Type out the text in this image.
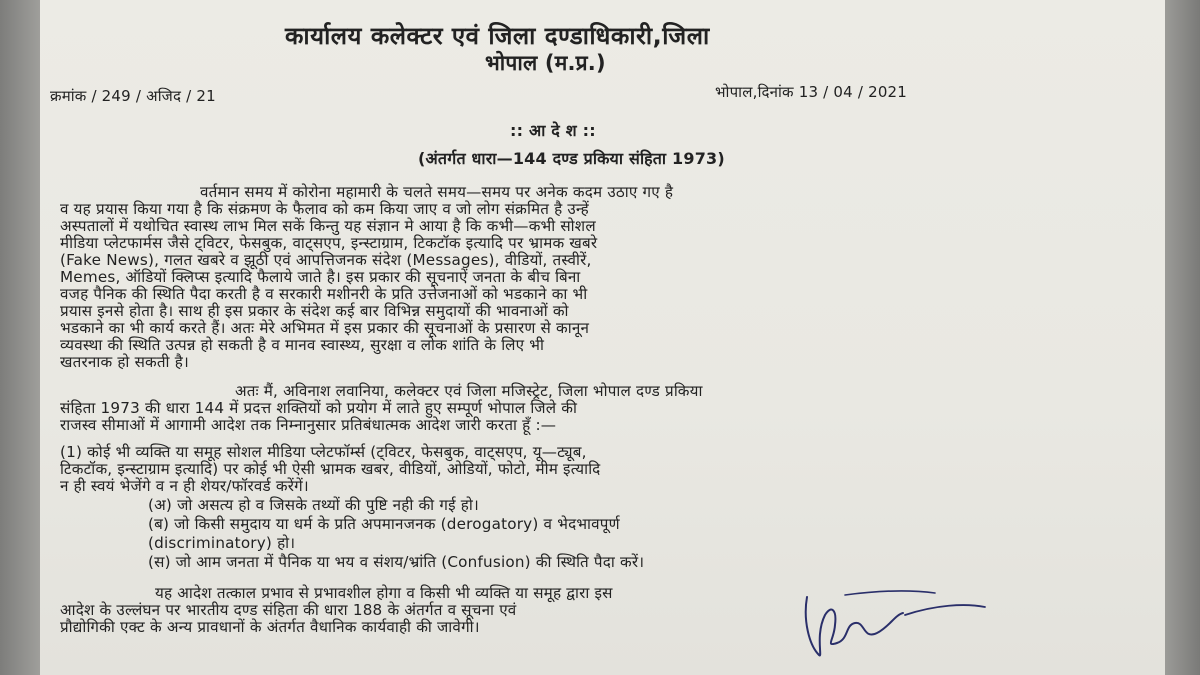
कार्यालय कलेक्टर एवं जिला दण्डाधिकारी,जिला
भोपाल (म.प्र.)
क्रमांक / 249 / अजिद / 21	भोपाल,दिनांक 13 / 04 / 2021
:: आ दे श ::
(अंतर्गत धारा—144 दण्ड प्रकिया संहिता 1973)
वर्तमान समय में कोरोना महामारी के चलते समय—समय पर अनेक कदम उठाए गए है
व यह प्रयास किया गया है कि संक्रमण के फैलाव को कम किया जाए व जो लोग संक्रमित है उन्हें
अस्पतालों में यथोचित स्वास्थ लाभ मिल सकें किन्तु यह संज्ञान मे आया है कि कभी—कभी सोशल
मीडिया प्लेटफार्मस जैसे ट्विटर, फेसबुक, वाट्सएप, इन्स्टाग्राम, टिकटॉक इत्यादि पर भ्रामक खबरे
(Fake News), गलत खबरे व झूठी एवं आपत्तिजनक संदेश (Messages), वीडियों, तस्वीरें,
Memes, ऑडियों क्लिप्स इत्यादि फैलाये जाते है। इस प्रकार की सूचनाऐं जनता के बीच बिना
वजह पैनिक की स्थिति पैदा करती है व सरकारी मशीनरी के प्रति उत्तेजनाओं को भडकाने का भी
प्रयास इनसे होता है। साथ ही इस प्रकार के संदेश कई बार विभिन्न समुदायों की भावनाओं को
भडकाने का भी कार्य करते हैं। अतः मेरे अभिमत में इस प्रकार की सूचनाओं के प्रसारण से कानून
व्यवस्था की स्थिति उत्पन्न हो सकती है व मानव स्वास्थ्य, सुरक्षा व लोक शांति के लिए भी
खतरनाक हो सकती है।
अतः मैं, अविनाश लवानिया, कलेक्टर एवं जिला मजिस्ट्रेट, जिला भोपाल दण्ड प्रकिया
संहिता 1973 की धारा 144 में प्रदत्त शक्तियों को प्रयोग में लाते हुए सम्पूर्ण भोपाल जिले की
राजस्व सीमाओं में आगामी आदेश तक निम्नानुसार प्रतिबंधात्मक आदेश जारी करता हूँ :—
(1) कोई भी व्यक्ति या समूह सोशल मीडिया प्लेटफॉर्म्स (ट्विटर, फेसबुक, वाट्सएप, यू—ट्यूब,
टिकटॉक, इन्स्टाग्राम इत्यादि) पर कोई भी ऐसी भ्रामक खबर, वीडियों, ओडियों, फोटो, मीम इत्यादि
न ही स्वयं भेजेंगे व न ही शेयर/फॉरवर्ड करेंगें।
(अ) जो असत्य हो व जिसके तथ्यों की पुष्टि नही की गई हो।
(ब) जो किसी समुदाय या धर्म के प्रति अपमानजनक (derogatory) व भेदभावपूर्ण
(discriminatory) हो।
(स) जो आम जनता में पैनिक या भय व संशय/भ्रांति (Confusion) की स्थिति पैदा करें।
यह आदेश तत्काल प्रभाव से प्रभावशील होगा व किसी भी व्यक्ति या समूह द्वारा इस
आदेश के उल्लंघन पर भारतीय दण्ड संहिता की धारा 188 के अंतर्गत व सूचना एवं
प्रौद्योगिकी एक्ट के अन्य प्रावधानों के अंतर्गत वैधानिक कार्यवाही की जावेगी।
